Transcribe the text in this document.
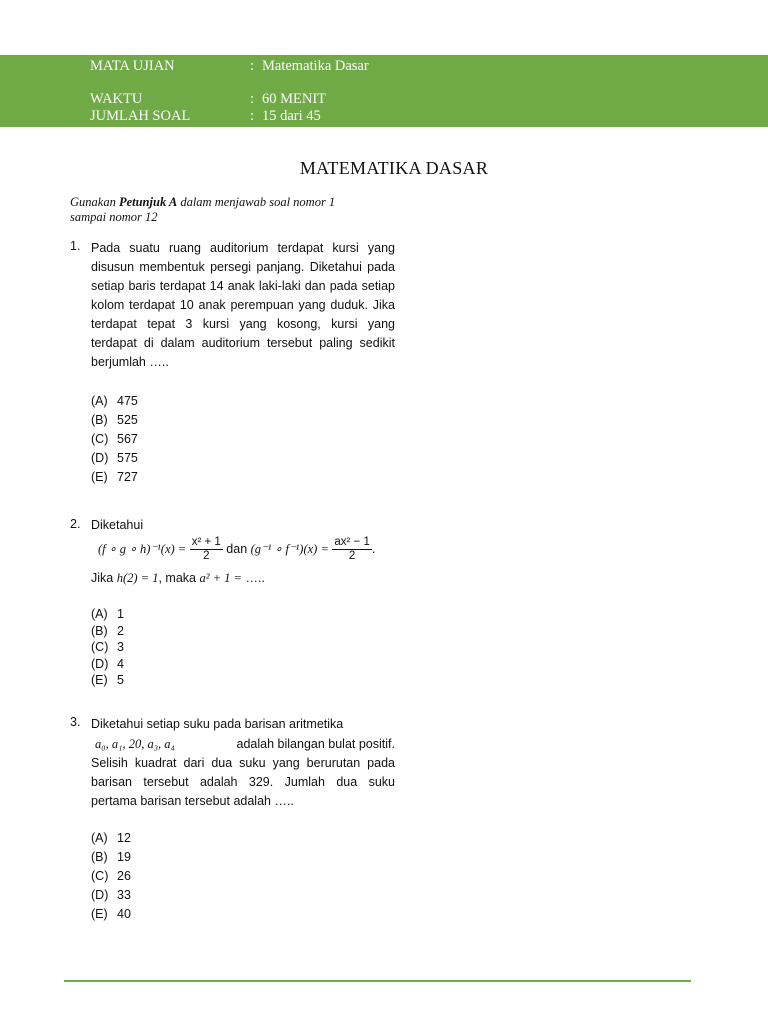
MATA UJIAN	: Matematika Dasar
WAKTU	: 60 MENIT
JUMLAH SOAL	: 15 dari 45
MATEMATIKA DASAR
Gunakan Petunjuk A dalam menjawab soal nomor 1 sampai nomor 12
1. Pada suatu ruang auditorium terdapat kursi yang disusun membentuk persegi panjang. Diketahui pada setiap baris terdapat 14 anak laki-laki dan pada setiap kolom terdapat 10 anak perempuan yang duduk. Jika terdapat tepat 3 kursi yang kosong, kursi yang terdapat di dalam auditorium tersebut paling sedikit berjumlah …..
(A) 475
(B) 525
(C) 567
(D) 575
(E) 727
2. Diketahui
(f ∘ g ∘ $h)^{-1}(x) = \frac{\text{x² + 1}}{2}$ dan (g⁻¹ ∘ $f^{-1})(x) = \frac{\text{ax² − 1}}{2}$ .
Jika h(2) = 1, maka a² + 1 = …..
(A) 1
(B) 2
(C) 3
(D) 4
(E) 5
3. Diketahui setiap suku pada barisan aritmetika
a₀, a₁, 20, a₃, a₄	adalah bilangan bulat positif.
Selisih kuadrat dari dua suku yang berurutan pada barisan tersebut adalah 329. Jumlah dua suku pertama barisan tersebut adalah …..
(A) 12
(B) 19
(C) 26
(D) 33
(E) 40
